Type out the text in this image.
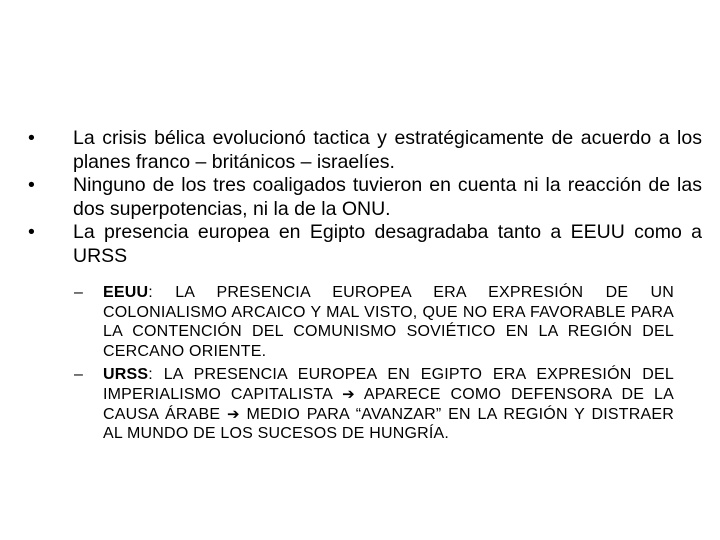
•	La crisis bélica evolucionó tactica y estratégicamente de acuerdo a los planes franco – británicos – israelíes.
•	Ninguno de los tres coaligados tuvieron en cuenta ni la reacción de las dos superpotencias, ni la de la ONU.
•	La presencia europea en Egipto desagradaba tanto a EEUU como a URSS
– EEUU: LA PRESENCIA EUROPEA ERA EXPRESIÓN DE UN COLONIALISMO ARCAICO Y MAL VISTO, QUE NO ERA FAVORABLE PARA LA CONTENCIÓN DEL COMUNISMO SOVIÉTICO EN LA REGIÓN DEL CERCANO ORIENTE.
– URSS: LA PRESENCIA EUROPEA EN EGIPTO ERA EXPRESIÓN DEL IMPERIALISMO CAPITALISTA ➔ APARECE COMO DEFENSORA DE LA CAUSA ÁRABE ➔ MEDIO PARA “AVANZAR” EN LA REGIÓN Y DISTRAER AL MUNDO DE LOS SUCESOS DE HUNGRÍA.
